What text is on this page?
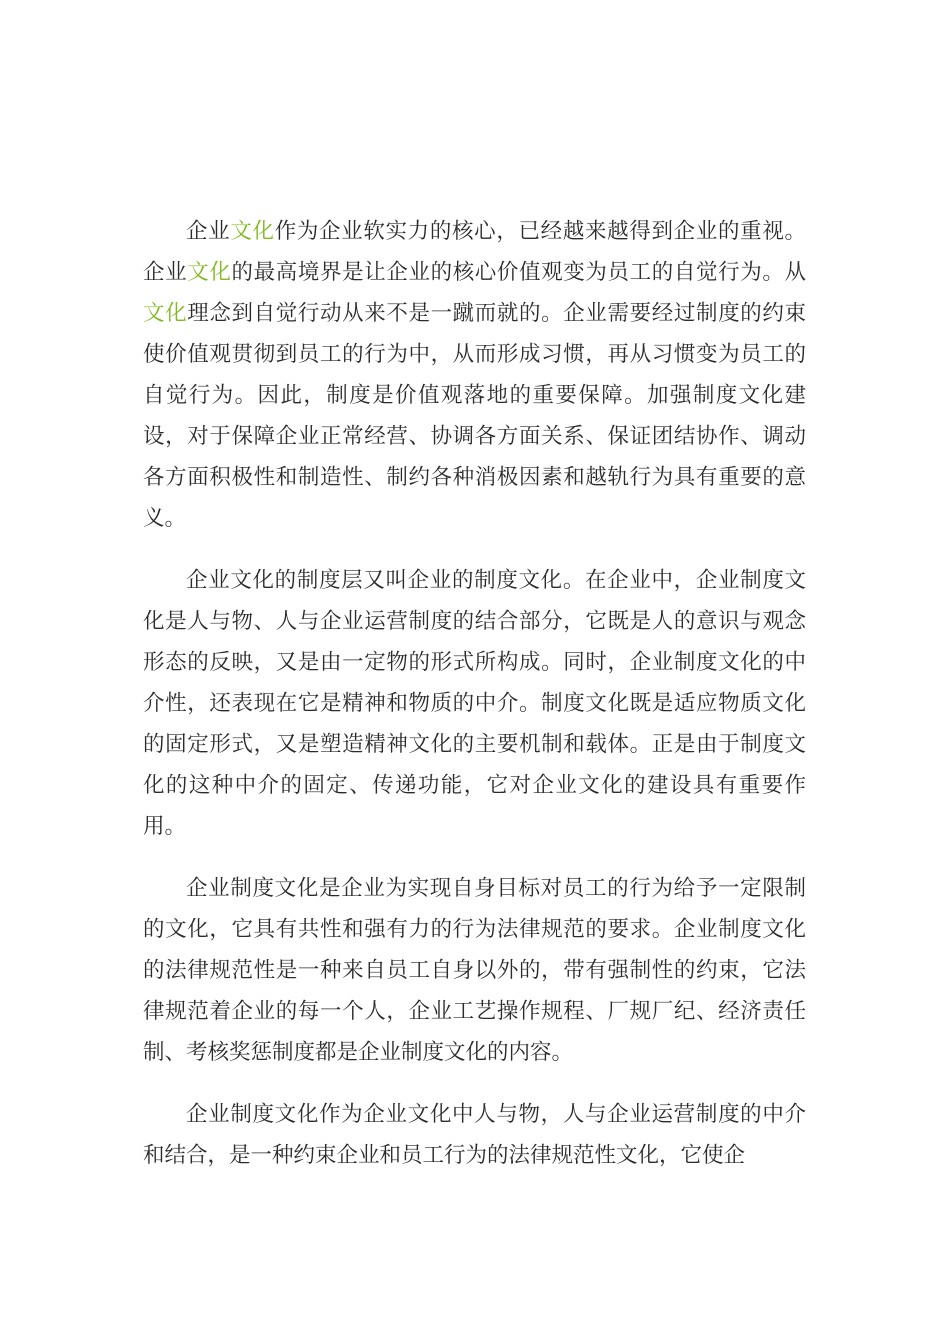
企业文化作为企业软实力的核心，已经越来越得到企业的重视。企业文化的最高境界是让企业的核心价值观变为员工的自觉行为。从文化理念到自觉行动从来不是一蹴而就的。企业需要经过制度的约束使价值观贯彻到员工的行为中，从而形成习惯，再从习惯变为员工的自觉行为。因此，制度是价值观落地的重要保障。加强制度文化建设，对于保障企业正常经营、协调各方面关系、保证团结协作、调动各方面积极性和制造性、制约各种消极因素和越轨行为具有重要的意义。

企业文化的制度层又叫企业的制度文化。在企业中，企业制度文化是人与物、人与企业运营制度的结合部分，它既是人的意识与观念形态的反映，又是由一定物的形式所构成。同时，企业制度文化的中介性，还表现在它是精神和物质的中介。制度文化既是适应物质文化的固定形式，又是塑造精神文化的主要机制和载体。正是由于制度文化的这种中介的固定、传递功能，它对企业文化的建设具有重要作用。

企业制度文化是企业为实现自身目标对员工的行为给予一定限制的文化，它具有共性和强有力的行为法律规范的要求。企业制度文化的法律规范性是一种来自员工自身以外的，带有强制性的约束，它法律规范着企业的每一个人，企业工艺操作规程、厂规厂纪、经济责任制、考核奖惩制度都是企业制度文化的内容。

企业制度文化作为企业文化中人与物，人与企业运营制度的中介和结合，是一种约束企业和员工行为的法律规范性文化，它使企
